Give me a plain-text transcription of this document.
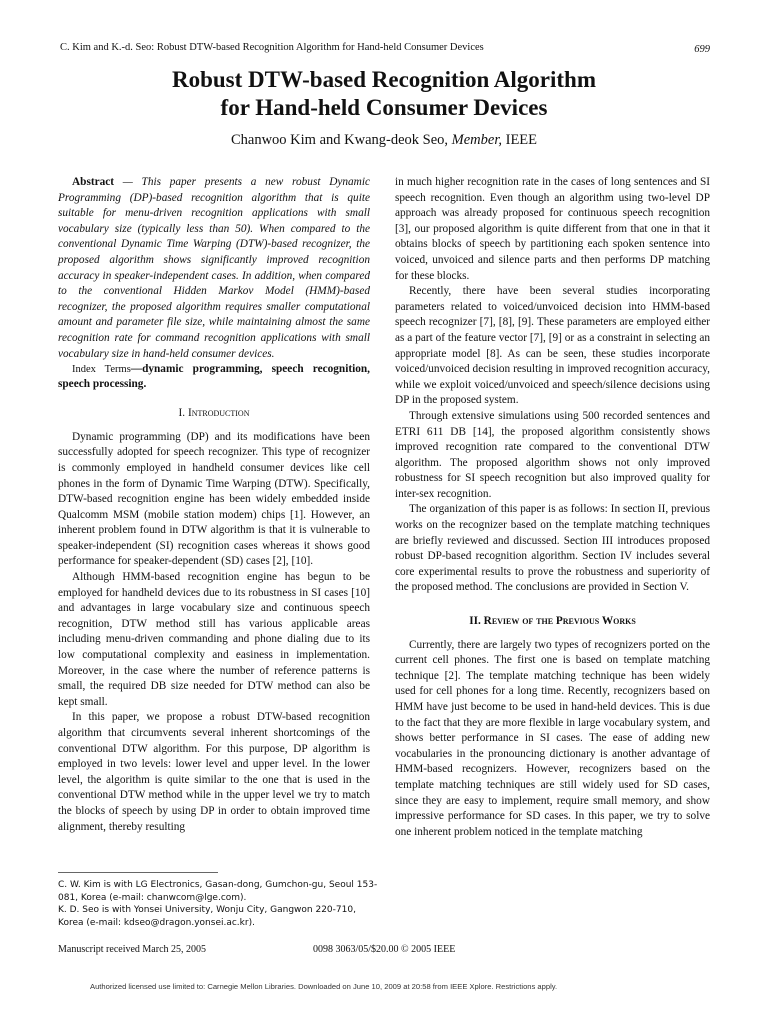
C. Kim and K.-d. Seo: Robust DTW-based Recognition Algorithm for Hand-held Consumer Devices	699
Robust DTW-based Recognition Algorithm
for Hand-held Consumer Devices
Chanwoo Kim and Kwang-deok Seo, Member, IEEE

Abstract — This paper presents a new robust Dynamic Programming (DP)-based recognition algorithm that is quite suitable for menu-driven recognition applications with small vocabulary size (typically less than 50). When compared to the conventional Dynamic Time Warping (DTW)-based recognizer, the proposed algorithm shows significantly improved recognition accuracy in speaker-independent cases. In addition, when compared to the conventional Hidden Markov Model (HMM)-based recognizer, the proposed algorithm requires smaller computational amount and parameter file size, while maintaining almost the same recognition rate for command recognition applications with small vocabulary size in hand-held consumer devices.

Index Terms—dynamic programming, speech recognition, speech processing.

I. Introduction

Dynamic programming (DP) and its modifications have been successfully adopted for speech recognizer. This type of recognizer is commonly employed in handheld consumer devices like cell phones in the form of Dynamic Time Warping (DTW). Specifically, DTW-based recognition engine has been widely embedded inside Qualcomm MSM (mobile station modem) chips [1]. However, an inherent problem found in DTW algorithm is that it is vulnerable to speaker-independent (SI) recognition cases whereas it shows good performance for speaker-dependent (SD) cases [2], [10].

Although HMM-based recognition engine has begun to be employed for handheld devices due to its robustness in SI cases [10] and advantages in large vocabulary size and continuous speech recognition, DTW method still has various applicable areas including menu-driven commanding and phone dialing due to its low computational complexity and easiness in implementation. Moreover, in the case where the number of reference patterns is small, the required DB size needed for DTW method can also be kept small.

In this paper, we propose a robust DTW-based recognition algorithm that circumvents several inherent shortcomings of the conventional DTW algorithm. For this purpose, DP algorithm is employed in two levels: lower level and upper level. In the lower level, the algorithm is quite similar to the one that is used in the conventional DTW method while in the upper level we try to match the blocks of speech by using DP in order to obtain improved time alignment, thereby resulting

in much higher recognition rate in the cases of long sentences and SI speech recognition. Even though an algorithm using two-level DP approach was already proposed for continuous speech recognition [3], our proposed algorithm is quite different from that one in that it obtains blocks of speech by partitioning each spoken sentence into voiced, unvoiced and silence parts and then performs DP matching for these blocks.

Recently, there have been several studies incorporating parameters related to voiced/unvoiced decision into HMM-based speech recognizer [7], [8], [9]. These parameters are employed either as a part of the feature vector [7], [9] or as a constraint in selecting an appropriate model [8]. As can be seen, these studies incorporate voiced/unvoiced decision resulting in improved recognition accuracy, while we exploit voiced/unvoiced and speech/silence decisions using DP in the proposed system.

Through extensive simulations using 500 recorded sentences and ETRI 611 DB [14], the proposed algorithm consistently shows improved recognition rate compared to the conventional DTW algorithm. The proposed algorithm shows not only improved robustness for SI speech recognition but also improved quality for inter-sex recognition.

The organization of this paper is as follows: In section II, previous works on the recognizer based on the template matching techniques are briefly reviewed and discussed. Section III introduces proposed robust DP-based recognition algorithm. Section IV includes several core experimental results to prove the robustness and superiority of the proposed method. The conclusions are provided in Section V.

II. Review of the Previous Works

Currently, there are largely two types of recognizers ported on the current cell phones. The first one is based on template matching technique [2]. The template matching technique has been widely used for cell phones for a long time. Recently, recognizers based on HMM have just become to be used in hand-held devices. This is due to the fact that they are more flexible in large vocabulary system, and shows better performance in SI cases. The ease of adding new vocabularies in the pronouncing dictionary is another advantage of HMM-based recognizers. However, recognizers based on the template matching techniques are still widely used for SD cases, since they are easy to implement, require small memory, and show impressive performance for SD cases. In this paper, we try to solve one inherent problem noticed in the template matching

C. W. Kim is with LG Electronics, Gasan-dong, Gumchon-gu, Seoul 153-081, Korea (e-mail: chanwcom@lge.com).

K. D. Seo is with Yonsei University, Wonju City, Gangwon 220-710, Korea (e-mail: kdseo@dragon.yonsei.ac.kr).

Manuscript received March 25, 2005	0098 3063/05/$20.00 © 2005 IEEE
Authorized licensed use limited to: Carnegie Mellon Libraries. Downloaded on June 10, 2009 at 20:58 from IEEE Xplore. Restrictions apply.
